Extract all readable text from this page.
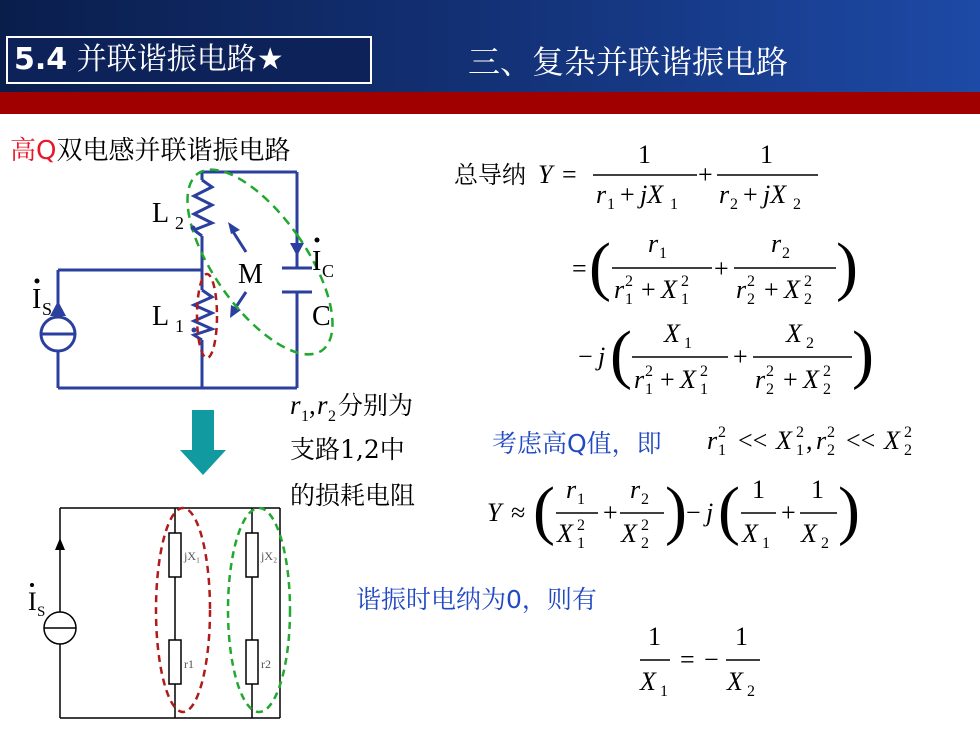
5.4 并联谐振电路★	三、复杂并联谐振电路
高Q双电感并联谐振电路
L 2
L 1
M
C
I C
I S
r 1 , r 2 分别为
支路1,2中
的损耗电阻
jX₁	jX₂
r1	r2
I S
总导纳 Y =
1
r 1 + jX 1
+
1
r 2 + jX 2
= ( r 1
r 1
2 + X 1
2 +
r 2
r 2
2 + X 2
2 )
− j ( X 1
r 1
2 + X 1
2
+
X 2
r 2
2 + X 2
2 )
r 1
2 << X 1
2 , r 2
2 << X 2
2
Y ≈ ( r 1
X 1
2 +
r 2
X 2
2 ) − j ( 1
X 1
+
1
X 2 )
1
X 1
= −
1
X 2
考虑高Q值，即
谐振时电纳为0，则有
